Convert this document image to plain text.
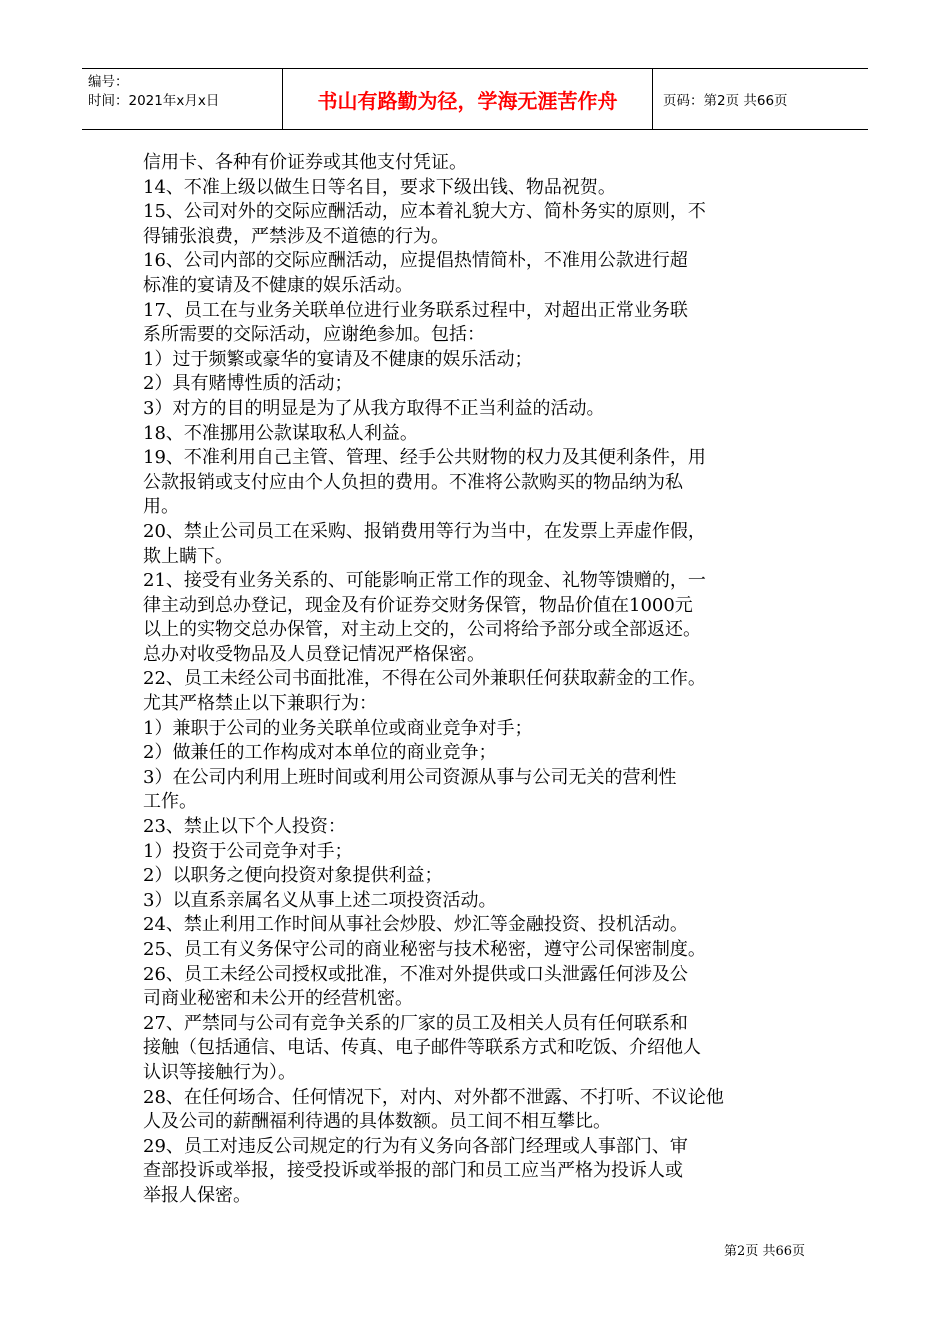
编号：
时间：2021年x月x日	书山有路勤为径，学海无涯苦作舟	页码：第2页 共66页
信用卡、各种有价证券或其他支付凭证。
14、不准上级以做生日等名目，要求下级出钱、物品祝贺。
15、公司对外的交际应酬活动，应本着礼貌大方、简朴务实的原则，不
得铺张浪费，严禁涉及不道德的行为。
16、公司内部的交际应酬活动，应提倡热情简朴，不准用公款进行超
标准的宴请及不健康的娱乐活动。
17、员工在与业务关联单位进行业务联系过程中，对超出正常业务联
系所需要的交际活动，应谢绝参加。包括：
1）过于频繁或豪华的宴请及不健康的娱乐活动；
2）具有赌博性质的活动；
3）对方的目的明显是为了从我方取得不正当利益的活动。
18、不准挪用公款谋取私人利益。
19、不准利用自己主管、管理、经手公共财物的权力及其便利条件，用
公款报销或支付应由个人负担的费用。不准将公款购买的物品纳为私
用。
20、禁止公司员工在采购、报销费用等行为当中，在发票上弄虚作假，
欺上瞒下。
21、接受有业务关系的、可能影响正常工作的现金、礼物等馈赠的，一
律主动到总办登记，现金及有价证券交财务保管，物品价值在1000元
以上的实物交总办保管，对主动上交的，公司将给予部分或全部返还。
总办对收受物品及人员登记情况严格保密。
22、员工未经公司书面批准，不得在公司外兼职任何获取薪金的工作。
尤其严格禁止以下兼职行为：
1）兼职于公司的业务关联单位或商业竞争对手；
2）做兼任的工作构成对本单位的商业竞争；
3）在公司内利用上班时间或利用公司资源从事与公司无关的营利性
工作。
23、禁止以下个人投资：
1）投资于公司竞争对手；
2）以职务之便向投资对象提供利益；
3）以直系亲属名义从事上述二项投资活动。
24、禁止利用工作时间从事社会炒股、炒汇等金融投资、投机活动。
25、员工有义务保守公司的商业秘密与技术秘密，遵守公司保密制度。
26、员工未经公司授权或批准，不准对外提供或口头泄露任何涉及公
司商业秘密和未公开的经营机密。
27、严禁同与公司有竞争关系的厂家的员工及相关人员有任何联系和
接触（包括通信、电话、传真、电子邮件等联系方式和吃饭、介绍他人
认识等接触行为）。
28、在任何场合、任何情况下，对内、对外都不泄露、不打听、不议论他
人及公司的薪酬福利待遇的具体数额。员工间不相互攀比。
29、员工对违反公司规定的行为有义务向各部门经理或人事部门、审
查部投诉或举报，接受投诉或举报的部门和员工应当严格为投诉人或
举报人保密。
第2页 共66页
